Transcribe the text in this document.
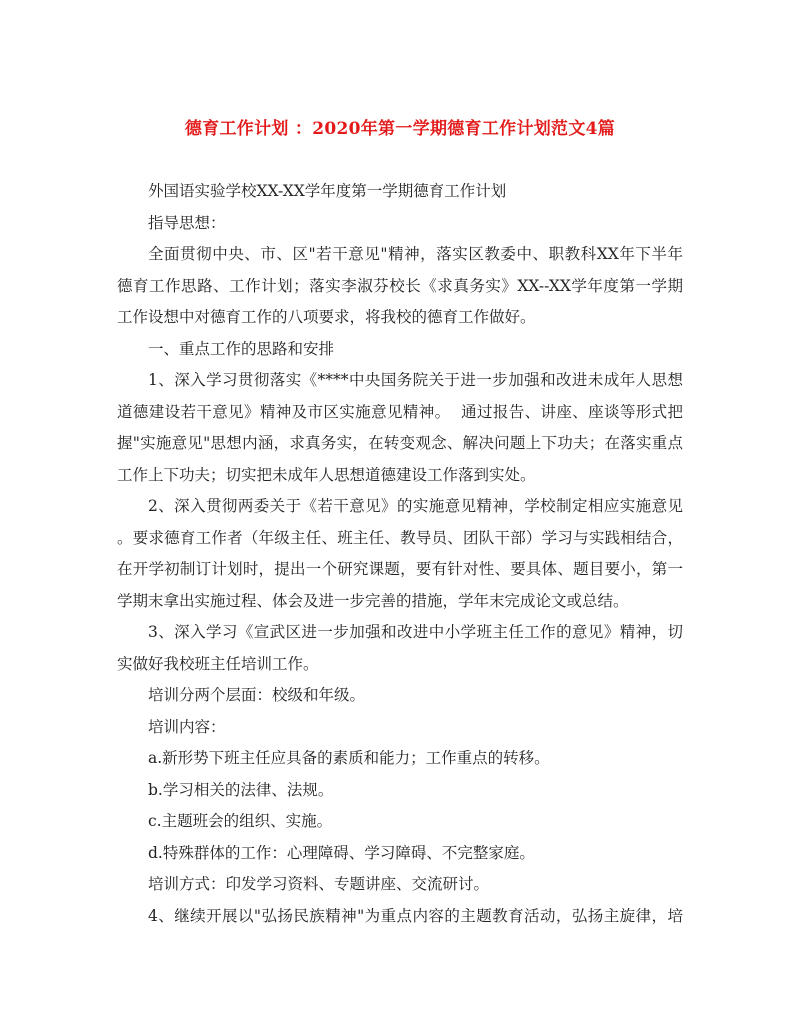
德育工作计划 ：2020年第一学期德育工作计划范文4篇
外国语实验学校XX-XX学年度第一学期德育工作计划
指导思想：
全面贯彻中央、市、区"若干意见"精神，落实区教委中、职教科XX年下半年
德育工作思路、工作计划；落实李淑芬校长《求真务实》XX--XX学年度第一学期
工作设想中对德育工作的八项要求，将我校的德育工作做好。
一、重点工作的思路和安排
1、深入学习贯彻落实《****中央国务院关于进一步加强和改进未成年人思想
道德建设若干意见》精神及市区实施意见精神。  通过报告、讲座、座谈等形式把
握"实施意见"思想内涵，求真务实，在转变观念、解决问题上下功夫；在落实重点
工作上下功夫；切实把未成年人思想道德建设工作落到实处。
2、深入贯彻两委关于《若干意见》的实施意见精神，学校制定相应实施意见
。要求德育工作者（年级主任、班主任、教导员、团队干部）学习与实践相结合，
在开学初制订计划时，提出一个研究课题，要有针对性、要具体、题目要小，第一
学期末拿出实施过程、体会及进一步完善的措施，学年末完成论文或总结。
3、深入学习《宣武区进一步加强和改进中小学班主任工作的意见》精神，切
实做好我校班主任培训工作。
培训分两个层面：校级和年级。
培训内容：
a.新形势下班主任应具备的素质和能力；工作重点的转移。
b.学习相关的法律、法规。
c.主题班会的组织、实施。
d.特殊群体的工作：心理障碍、学习障碍、不完整家庭。
培训方式：印发学习资料、专题讲座、交流研讨。
4、继续开展以"弘扬民族精神"为重点内容的主题教育活动，弘扬主旋律，培
